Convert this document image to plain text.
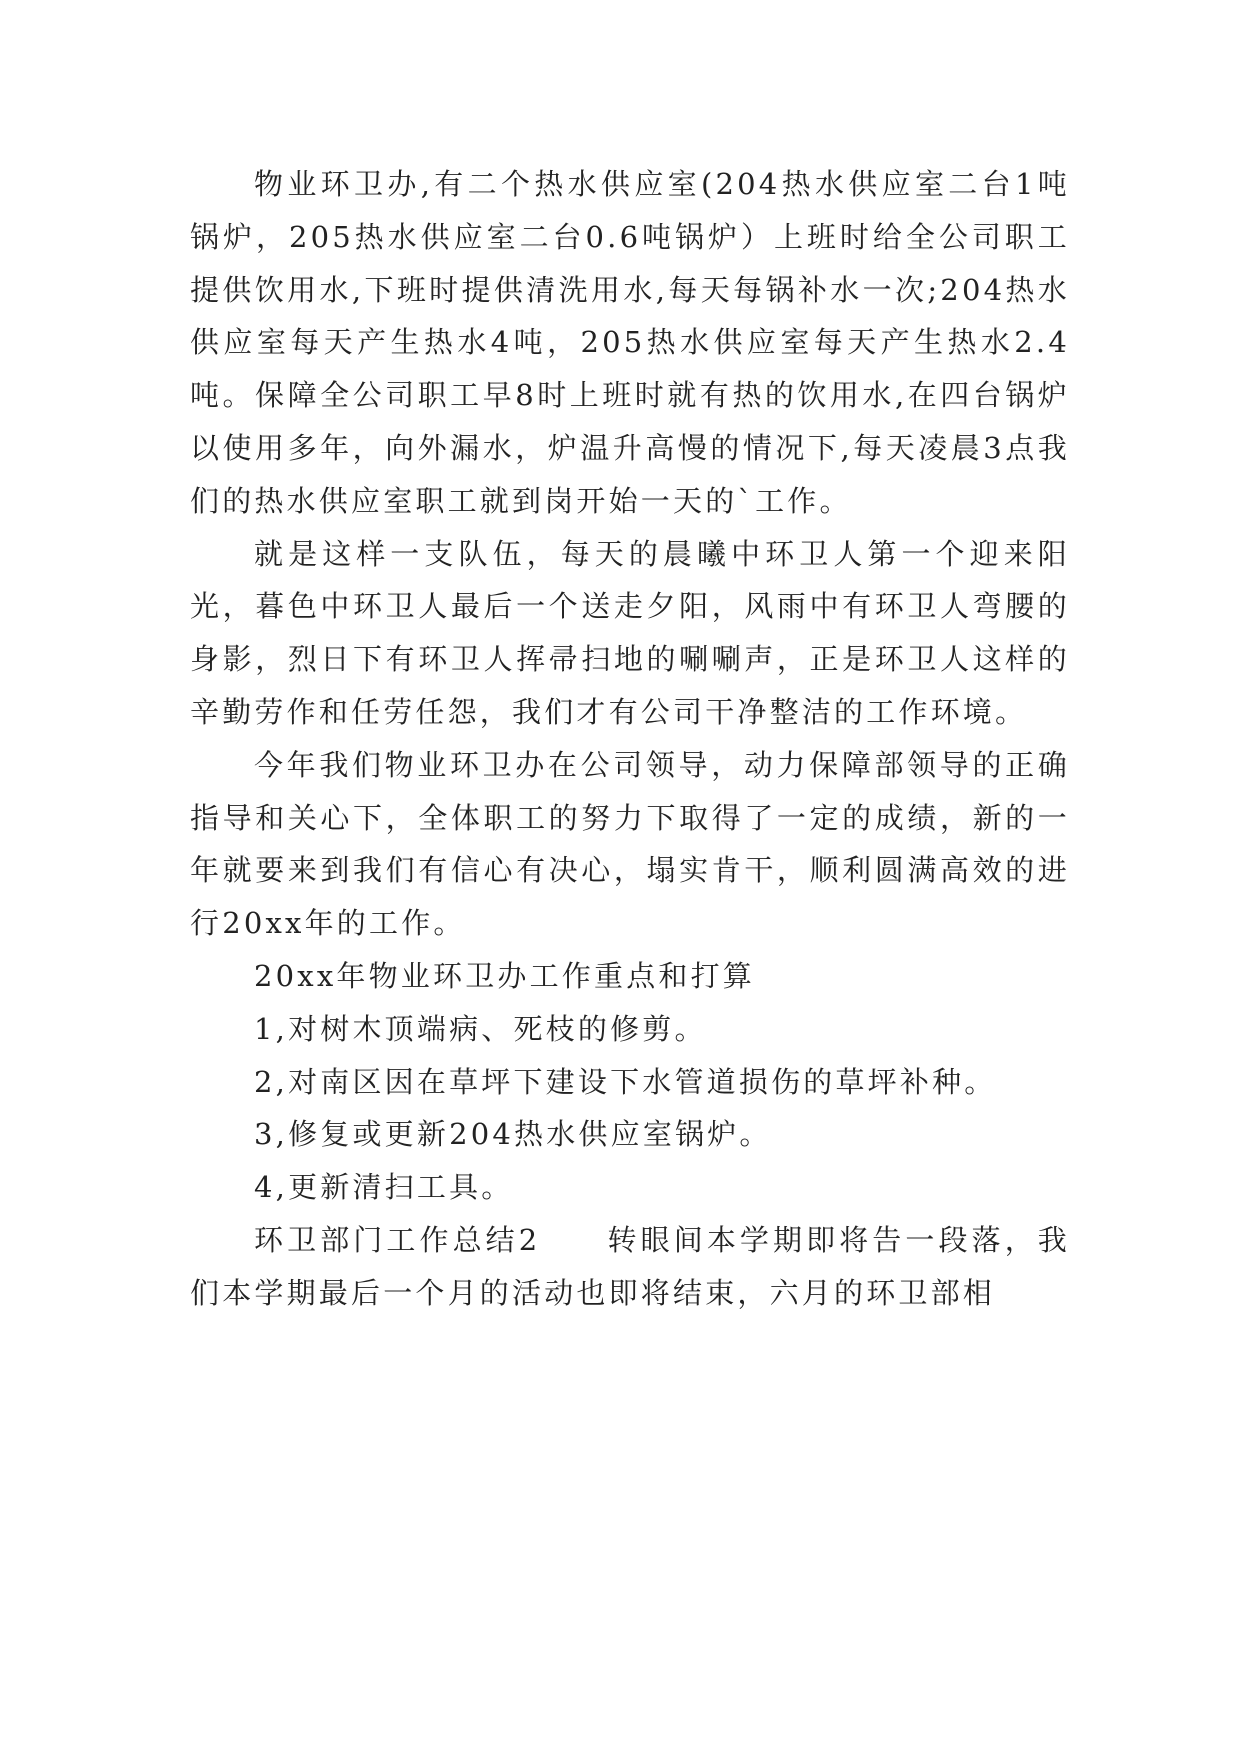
物业环卫办,有二个热水供应室(204热水供应室二台1吨锅炉，205热水供应室二台0.6吨锅炉）上班时给全公司职工提供饮用水,下班时提供清洗用水,每天每锅补水一次;204热水供应室每天产生热水4吨，205热水供应室每天产生热水2.4吨。保障全公司职工早8时上班时就有热的饮用水,在四台锅炉以使用多年，向外漏水，炉温升高慢的情况下,每天凌晨3点我们的热水供应室职工就到岗开始一天的`工作。

就是这样一支队伍，每天的晨曦中环卫人第一个迎来阳光，暮色中环卫人最后一个送走夕阳，风雨中有环卫人弯腰的身影，烈日下有环卫人挥帚扫地的唰唰声，正是环卫人这样的辛勤劳作和任劳任怨，我们才有公司干净整洁的工作环境。

今年我们物业环卫办在公司领导，动力保障部领导的正确指导和关心下，全体职工的努力下取得了一定的成绩，新的一年就要来到我们有信心有决心，塌实肯干，顺利圆满高效的进行20xx年的工作。

20xx年物业环卫办工作重点和打算

1,对树木顶端病、死枝的修剪。

2,对南区因在草坪下建设下水管道损伤的草坪补种。

3,修复或更新204热水供应室锅炉。

4,更新清扫工具。

环卫部门工作总结2　　转眼间本学期即将告一段落，我们本学期最后一个月的活动也即将结束，六月的环卫部相
